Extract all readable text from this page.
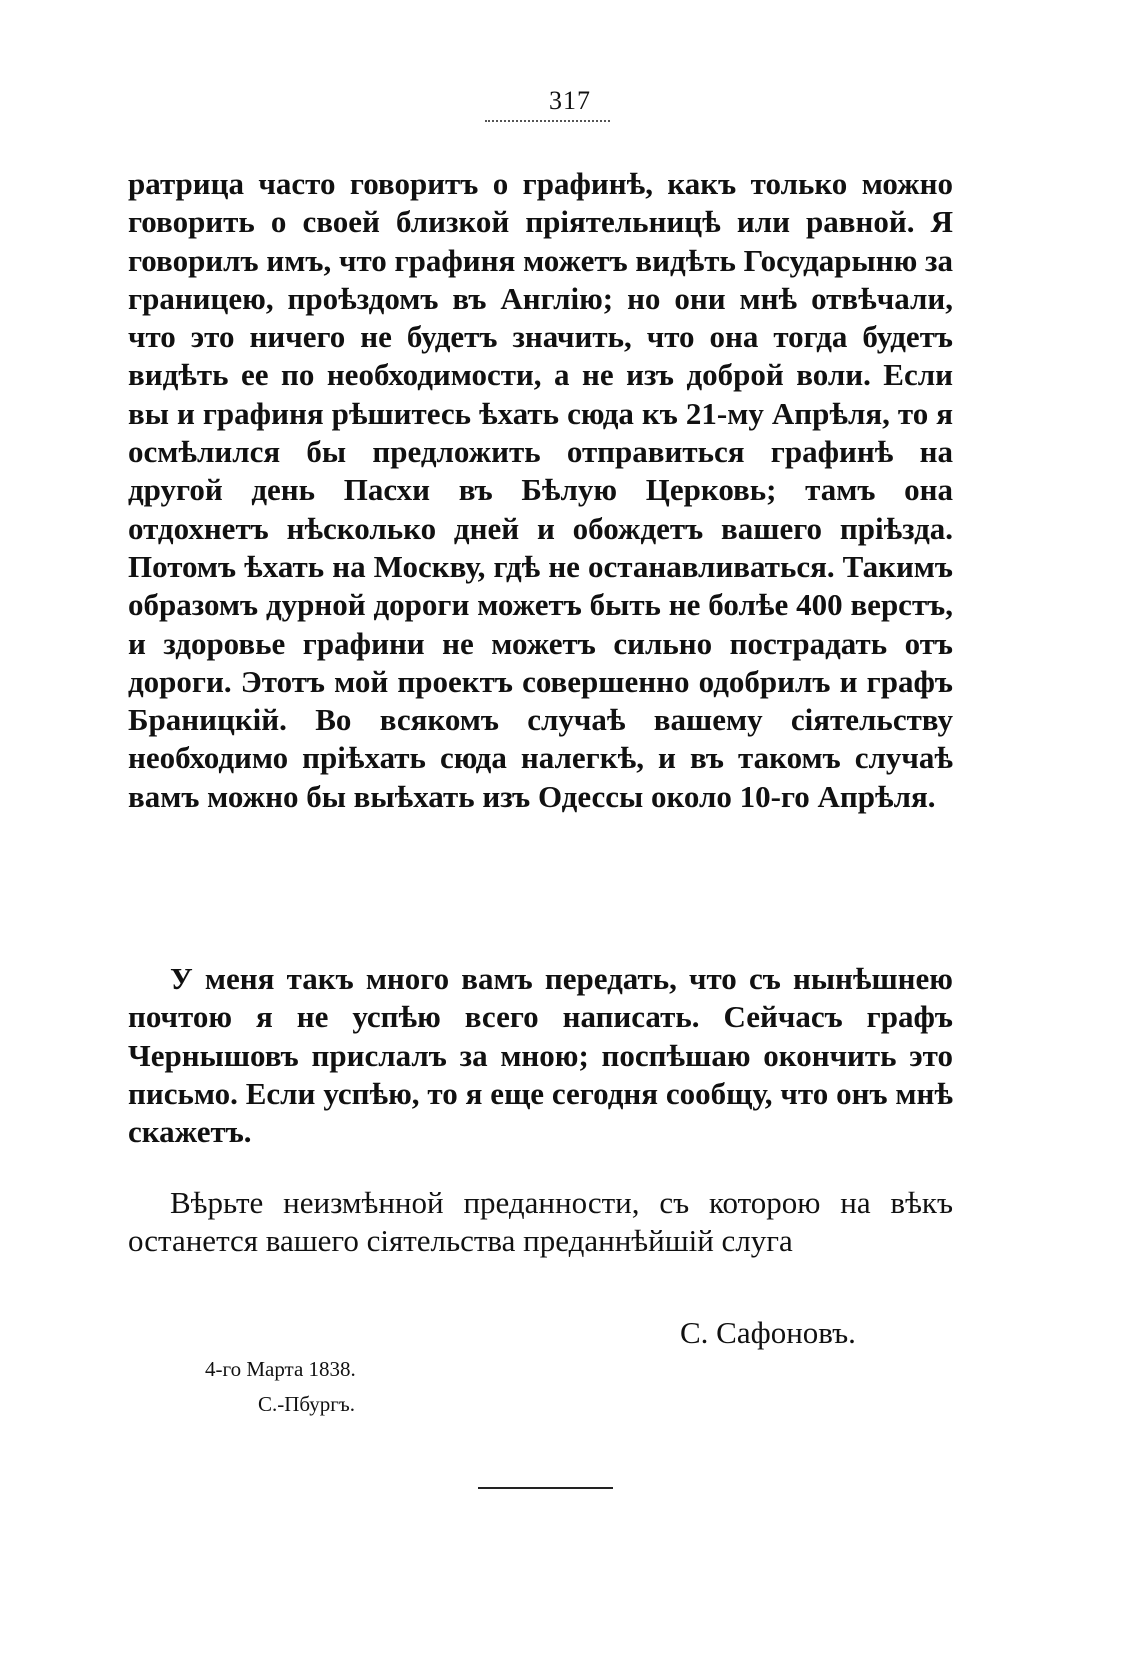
317

ратрица часто говоритъ о графинѣ, какъ только можно говорить о своей близкой пріятельницѣ или равной. Я говорилъ имъ, что графиня можетъ видѣть Государыню за границею, проѣздомъ въ Англію; но они мнѣ отвѣчали, что это ничего не будетъ значить, что она тогда будетъ видѣть ее по необходимости, а не изъ доброй воли. Если вы и графиня рѣшитесь ѣхать сюда къ 21-му Апрѣля, то я осмѣлился бы предложить отправиться графинѣ на другой день Пасхи въ Бѣлую Церковь; тамъ она отдохнетъ нѣсколько дней и обождетъ вашего пріѣзда. Потомъ ѣхать на Москву, гдѣ не останавливаться. Такимъ образомъ дурной дороги можетъ быть не болѣе 400 верстъ, и здоровье графини не можетъ сильно пострадать отъ дороги. Этотъ мой проектъ совершенно одобрилъ и графъ Браницкій. Во всякомъ случаѣ вашему сіятельству необходимо пріѣхать сюда налегкѣ, и въ такомъ случаѣ вамъ можно бы выѣхать изъ Одессы около 10-го Апрѣля.

У меня такъ много вамъ передать, что съ нынѣшнею почтою я не успѣю всего написать. Сейчасъ графъ Чернышовъ прислалъ за мною; поспѣшаю окончить это письмо. Если успѣю, то я еще сегодня сообщу, что онъ мнѣ скажетъ.

Вѣрьте неизмѣнной преданности, съ которою на вѣкъ останется вашего сіятельства преданнѣйшій слуга

С. Сафоновъ.
4-го Марта 1838.
С.-Пбургъ.
